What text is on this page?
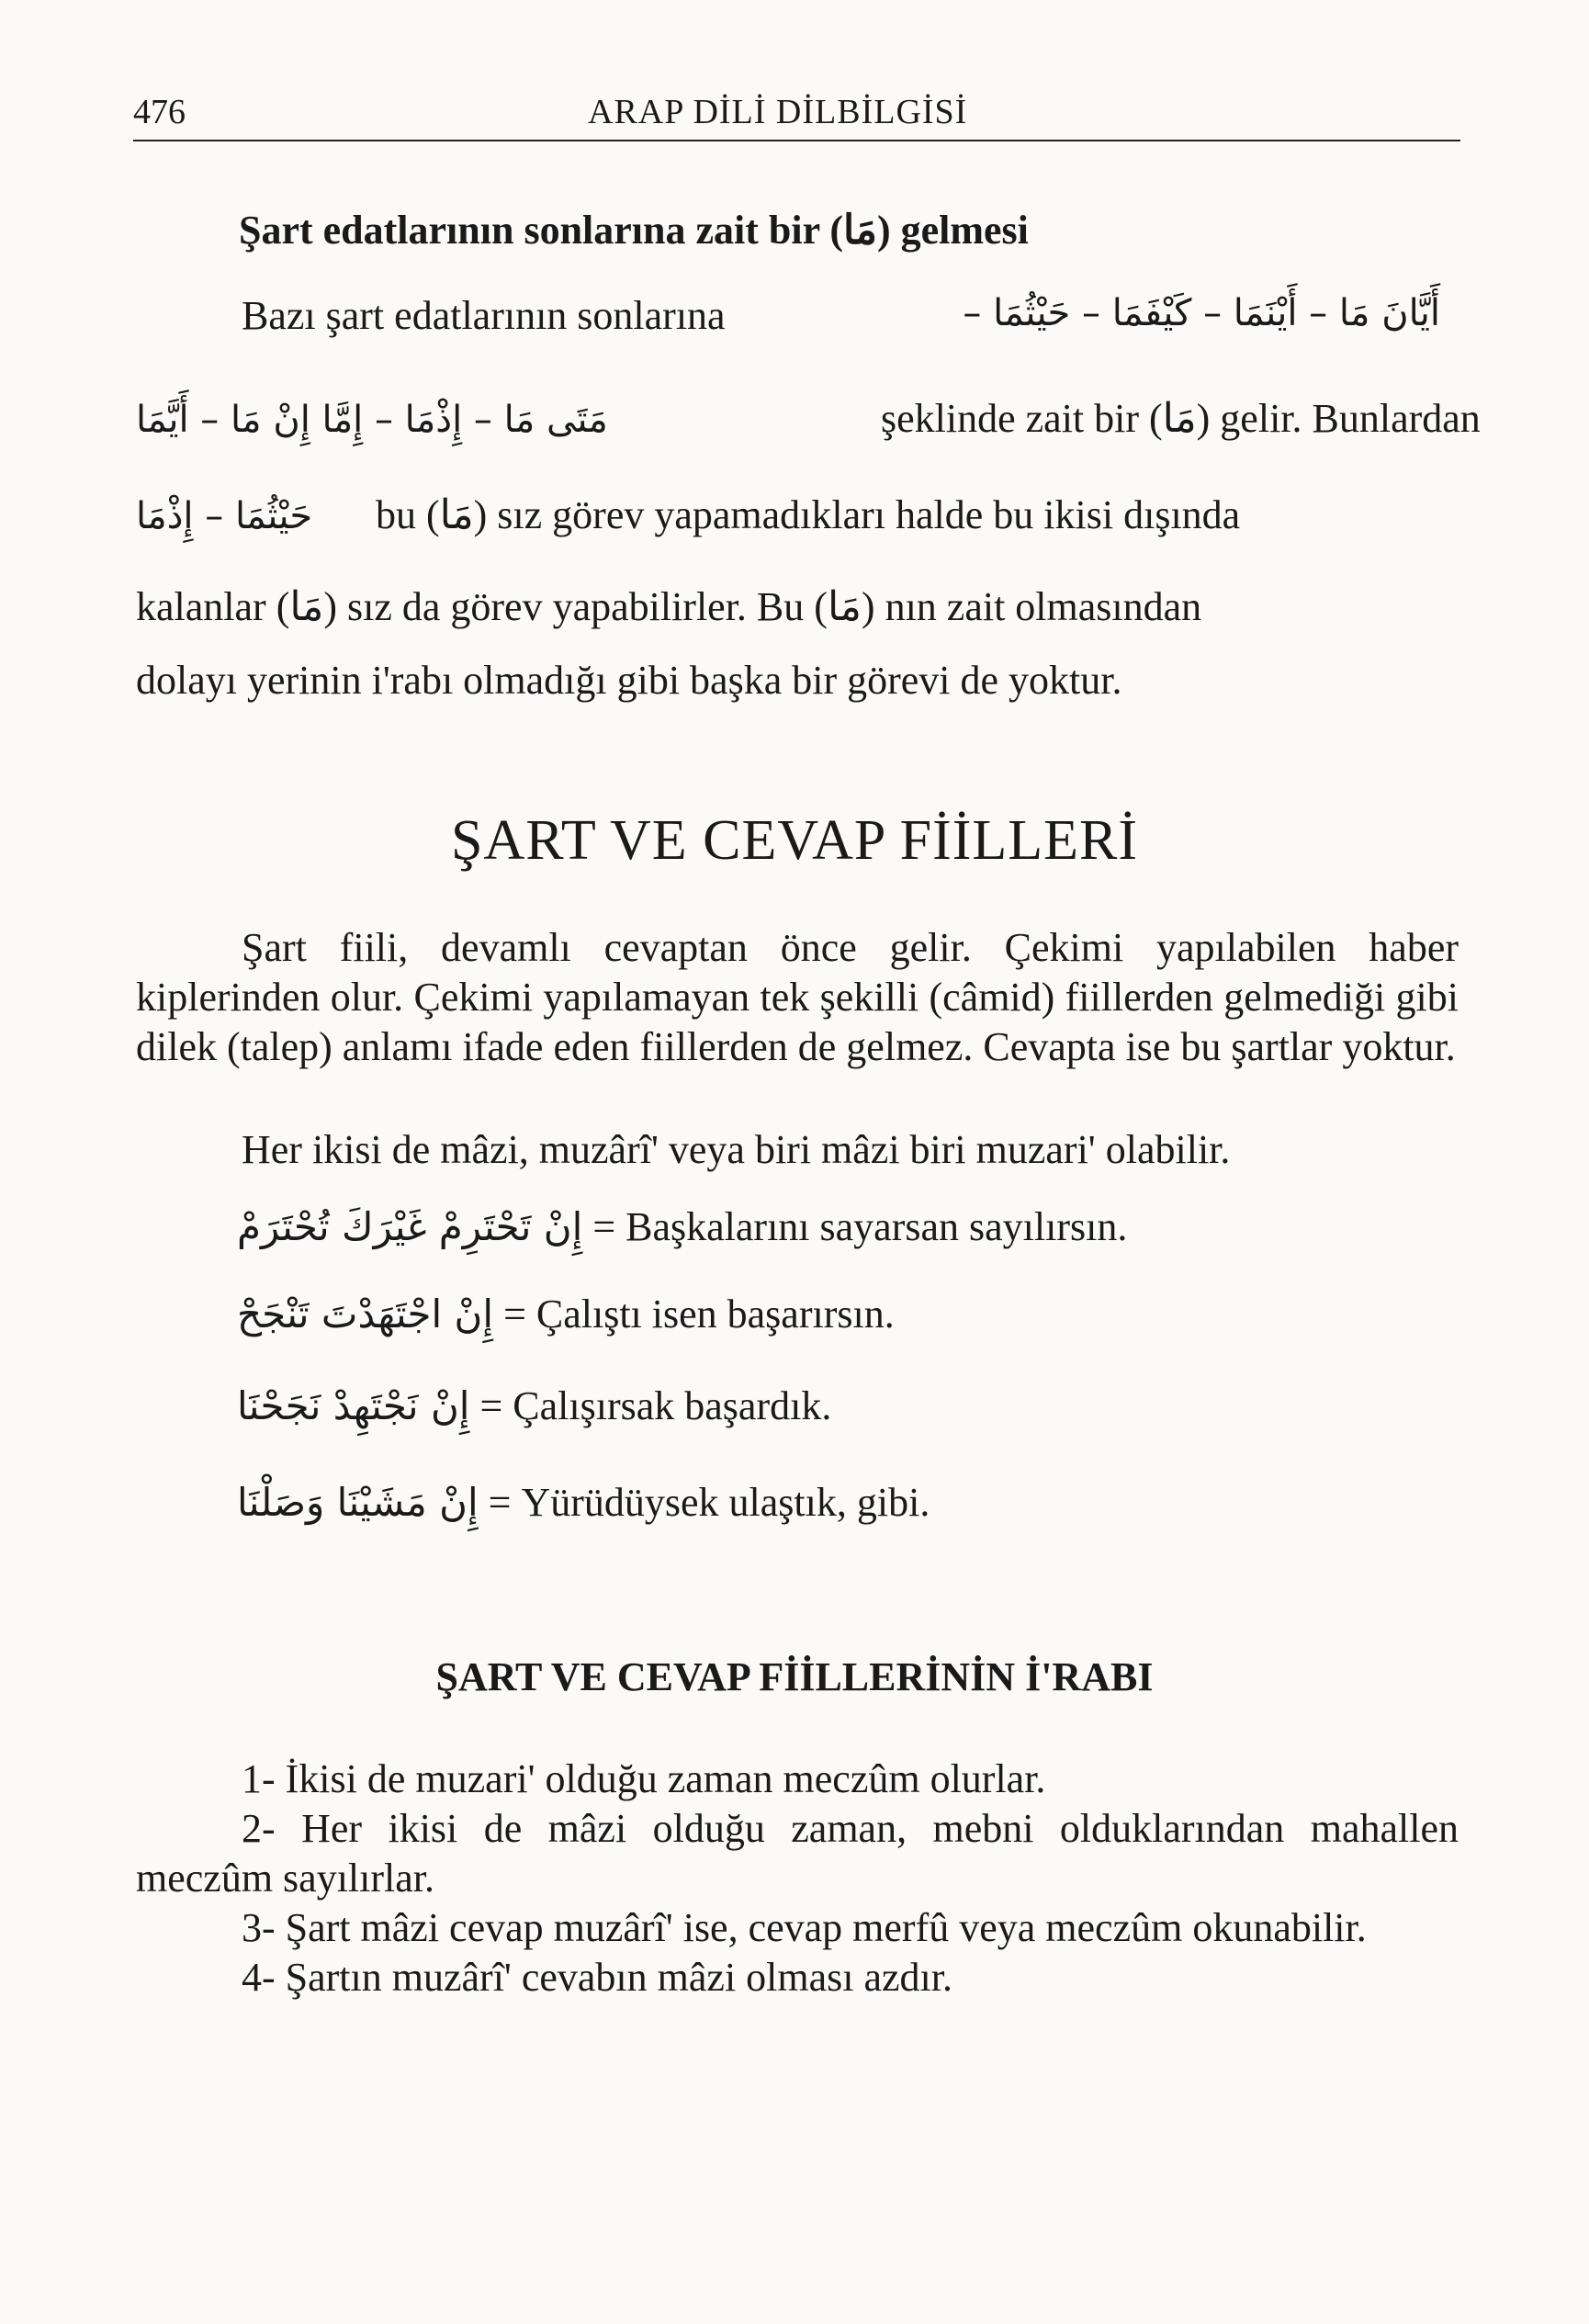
476	ARAP DİLİ DİLBİLGİSİ
Şart edatlarının sonlarına zait bir (مَا) gelmesi
Bazı şart edatlarının sonlarına	أَيَّانَ مَا – أَيْنَمَا – كَيْفَمَا – حَيْثُمَا –
مَتَى مَا – إِذْمَا – إِمَّا إِنْ مَا – أَيَّمَا	şeklinde zait bir (مَا) gelir. Bunlardan
حَيْثُمَا – إِذْمَا bu (مَا) sız görev yapamadıkları halde bu ikisi dışında
kalanlar (مَا) sız da görev yapabilirler. Bu (مَا) nın zait olmasından
dolayı yerinin i'rabı olmadığı gibi başka bir görevi de yoktur.
ŞART VE CEVAP FİİLLERİ
Şart fiili, devamlı cevaptan önce gelir. Çekimi yapılabilen haber kiplerinden olur. Çekimi yapılamayan tek şekilli (câmid) fiillerden gelmediği gibi dilek (talep) anlamı ifade eden fiillerden de gelmez. Cevapta ise bu şartlar yoktur.
Her ikisi de mâzi, muzârî' veya biri mâzi biri muzari' olabilir.
إِنْ تَحْتَرِمْ غَيْرَكَ تُحْتَرَمْ = Başkalarını sayarsan sayılırsın.
إِنْ اجْتَهَدْتَ تَنْجَحْ = Çalıştı isen başarırsın.
إِنْ نَجْتَهِدْ نَجَحْنَا = Çalışırsak başardık.
إِنْ مَشَيْنَا وَصَلْنَا = Yürüdüysek ulaştık, gibi.
ŞART VE CEVAP FİİLLERİNİN İ'RABI
1- İkisi de muzari' olduğu zaman meczûm olurlar.
2- Her ikisi de mâzi olduğu zaman, mebni olduklarından mahallen meczûm sayılırlar.
3- Şart mâzi cevap muzârî' ise, cevap merfû veya meczûm okunabilir.
4- Şartın muzârî' cevabın mâzi olması azdır.
